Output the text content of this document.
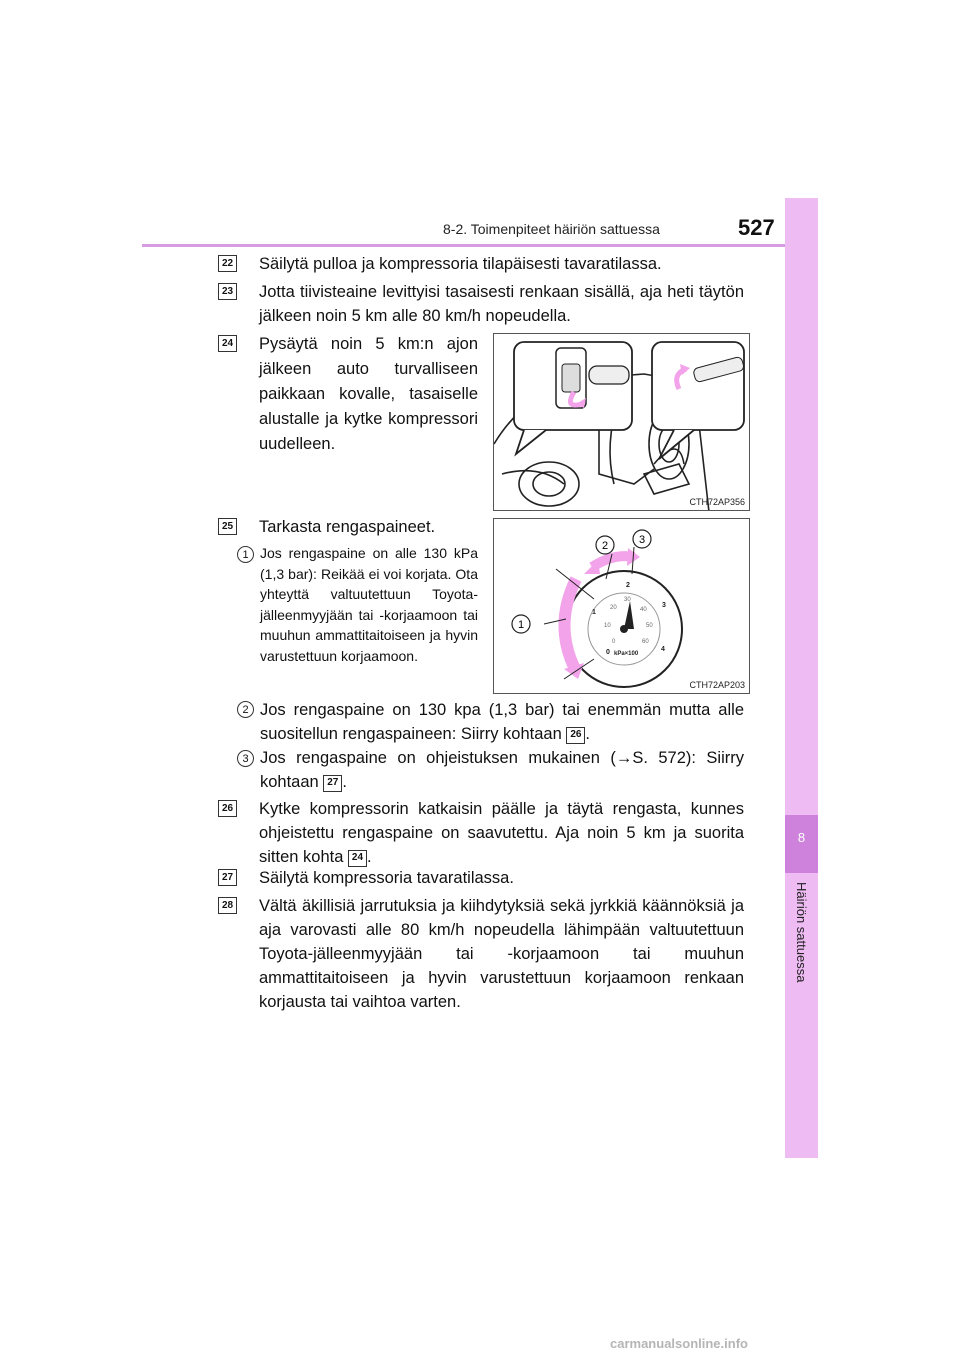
8-2. Toimenpiteet häiriön sattuessa	527
8
Häiriön sattuessa
22 Säilytä pulloa ja kompressoria tilapäisesti tavaratilassa.
23 Jotta tiivisteaine levittyisi tasaisesti renkaan sisällä, aja heti täytön jälkeen noin 5 km alle 80 km/h nopeudella.
24 Pysäytä noin 5 km:n ajon jälkeen auto turvalliseen paikkaan kovalle, tasaiselle alustalle ja kytke kompressori uudelleen.
CTH72AP356
25 Tarkasta rengaspaineet.
1 Jos rengaspaine on alle 130 kPa (1,3 bar): Reikää ei voi korjata. Ota yhteyttä valtuutettuun Toyota-jälleenmyyjään tai -korjaamoon tai muuhun ammattitaitoiseen ja hyvin varustettuun korjaamoon.
2	3
1
0
1
2
3
4
0
10
20
30
40
50
60
kPa×100
CTH72AP203
2 Jos rengaspaine on 130 kpa (1,3 bar) tai enemmän mutta alle suositellun rengaspaineen: Siirry kohtaan 26 .
3 Jos rengaspaine on ohjeistuksen mukainen (→S. 572): Siirry kohtaan 27 .
26 Kytke kompressorin katkaisin päälle ja täytä rengasta, kunnes ohjeistettu rengaspaine on saavutettu. Aja noin 5 km ja suorita sitten kohta 24 .
27 Säilytä kompressoria tavaratilassa.
28 Vältä äkillisiä jarrutuksia ja kiihdytyksiä sekä jyrkkiä käännöksiä ja aja varovasti alle 80 km/h nopeudella lähimpään valtuutettuun Toyota-jälleenmyyjään tai -korjaamoon tai muuhun ammattitaitoiseen ja hyvin varustettuun korjaamoon renkaan korjausta tai vaihtoa varten.
carmanualsonline.info
